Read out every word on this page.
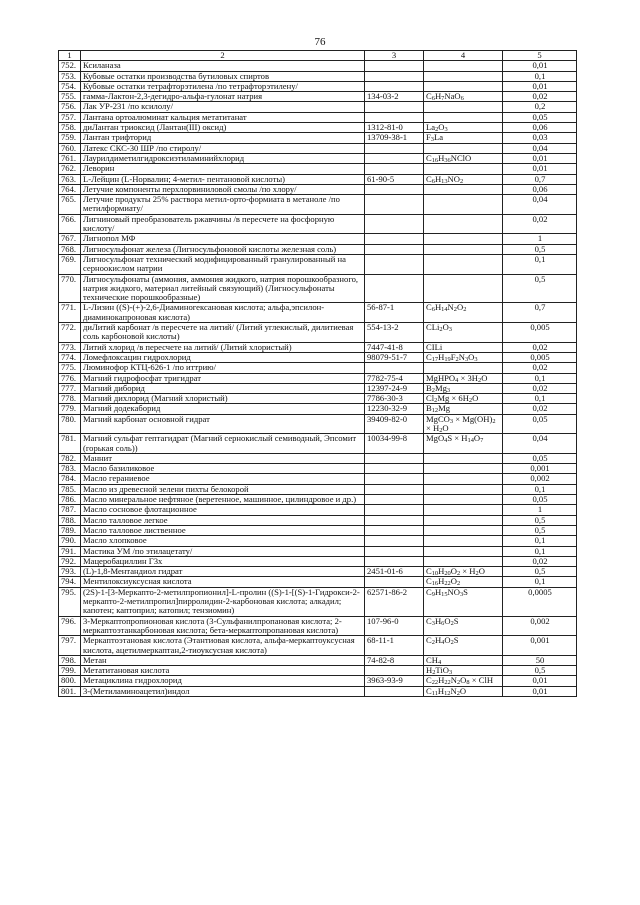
76
1	2	3	4	5
752.	Ксиланаза			0,01
753.	Кубовые остатки производства бутиловых спиртов			0,1
754.	Кубовые остатки тетрафторэтилена /по тетрафторэтилену/			0,01
755.	гамма-Лактон-2,3-дегидро-альфа-гулонат натрия	134-03-2	$C_6H_7NaO_6$	0,02
756.	Лак УР-231 /по ксилолу/			0,2
757.	Лантана ортоалюминат кальция метатитанат			0,05
758.	диЛантан триоксид (Лантан(III) оксид)	1312-81-0	$La_2O_3$	0,06
759.	Лантан трифторид	13709-38-1	$F_3La$	0,03
760.	Латекс СКС-30 ШР /по стиролу/			0,04
761.	Лаурилдиметилгидроксиэтиламинийхлорид		$C_{16}H_{36}NClO$	0,01
762.	Леворин			0,01
763.	L-Лейцин (L-Норвалин; 4-метил- пентановой кислоты)	61-90-5	$C_6H_{13}NO_2$	0,7
764.	Летучие компоненты перхлорвиниловой смолы /по хлору/			0,06
765.	Летучие продукты 25% раствора метил-орто-формиата в метаноле /по метилформиату/			0,04
766.	Лигниновый преобразователь ржавчины /в пересчете на фосфорную кислоту/			0,02
767.	Лигнопол МФ			1
768.	Лигносульфонат железа (Лигносульфоновой кислоты железная соль)			0,5
769.	Лигносульфонат технический модифицированный гранулированный на серноокислом натрии			0,1
770.	Лигносульфонаты (аммония, аммония жидкого, натрия порошкообразного, натрия жидкого, материал литейный связующий) (Лигносульфонаты технические порошкообразные)			0,5
771.	L-Лизин ((S)-(+)-2,6-Диаминогексановая кислота; альфа,эпсилон-диаминокапроновая кислота)	56-87-1	$C_6H_{14}N_2O_2$	0,7
772.	диЛитий карбонат /в пересчете на литий/ (Литий углекислый, дилитиевая соль карбоновой кислоты)	554-13-2	$CLi_2O_3$	0,005
773.	Литий хлорид /в пересчете на литий/ (Литий хлористый)	7447-41-8	CILi	0,02
774.	Ломефлоксацин гидрохлорид	98079-51-7	$C_{17}H_{19}F_2N_3O_3$	0,005
775.	Люминофор КТЦ-626-1 /по иттрию/			0,02
776.	Магний гидрофосфат тригидрат	7782-75-4	MgHPO$_4$ × $3H_2O$	0,1
777.	Магний диборид	12397-24-9	$B_2Mg_3$	0,02
778.	Магний дихлорид (Магний хлористый)	7786-30-3	$Cl_2Mg \times 6H_2O$	0,1
779.	Магний додекаборид	12230-32-9	$B_{12}Mg$	0,02
780.	Магний карбонат основной гидрат	39409-82-0	MgCO$_3$ × $Mg(OH)_2 \times H_2O$	0,05
781.	Магний сульфат гептагидрат (Магний сернокислый семиводный, Эпсомит (горькая соль))	10034-99-8	$MgO_4S \times H_{14}O_7$	0,04
782.	Маннит			0,05
783.	Масло базиликовое			0,001
784.	Масло гераниевое			0,002
785.	Масло из древесной зелени пихты белокорой			0,1
786.	Масло минеральное нефтяное (веретенное, машинное, цилиндровое и др.)			0,05
787.	Масло сосновое флотационное			1
788.	Масло талловое легкое			0,5
789.	Масло талловое лиственное			0,5
790.	Масло хлопковое			0,1
791.	Мастика УМ /по этилацетату/			0,1
792.	Мацеробациллин Г3х			0,02
793.	(L)-1,8-Ментандиол гидрат	2451-01-6	$C_{10}H_{20}O_2 \times H_2O$	0,5
794.	Ментилоксиуксусная кислота		$C_{16}H_{22}O_2$	0,1
795.	(2S)-1-[3-Меркапто-2-метилпропионил]-L-пролин ((S)-1-[(S)-1-Гидрокси-2-меркапто-2-метилпропил]пирролидин-2-карбоновая кислота; алкадил; капотен; каптоприл; катопил; тензиомин)	62571-86-2	$C_9H_{15}NO_3S$	0,0005
796.	3-Меркаптопропионовая кислота (3-Сульфанилпропановая кислота; 2-меркаптоэтанкарбоновая кислота; бета-меркаптопропановая кислота)	107-96-0	$C_3H_6O_2S$	0,002
797.	Меркаптоэтановая кислота (Этантиовая кислота, альфа-меркаптоуксусная кислота, ацетилмеркаптан,2-тиоуксусная кислота)	68-11-1	$C_2H_4O_2S$	0,001
798.	Метан	74-82-8	$CH_4$	50
799.	Метатитановая кислота		$H_2TiO_3$	0,5
800.	Метациклина гидрохлорид	3963-93-9	$C_{22}H_{22}N_2O_8$ × ClH	0,01
801.	3-(Метиламиноацетил)индол		$C_{11}H_{12}N_2O$	0,01
